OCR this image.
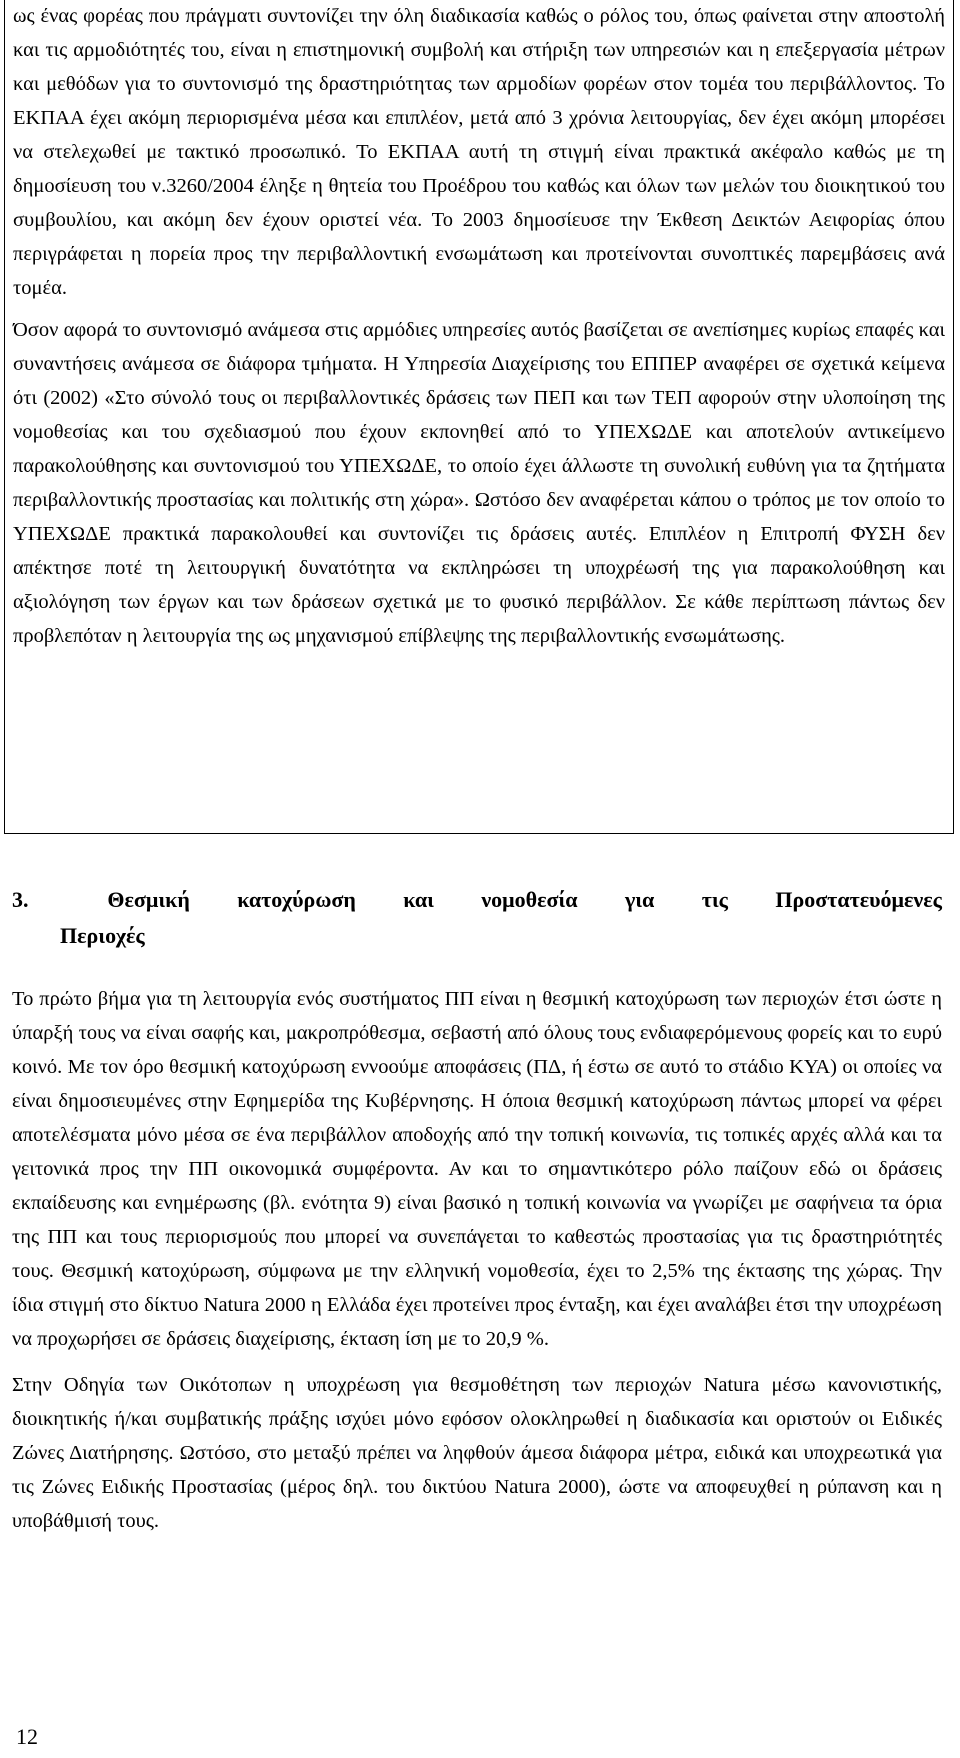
ως ένας φορέας που πράγματι συντονίζει την όλη διαδικασία καθώς ο ρόλος του, όπως φαίνεται στην αποστολή και τις αρμοδιότητές του, είναι η επιστημονική συμβολή και στήριξη των υπηρεσιών και η επεξεργασία μέτρων και μεθόδων για το συντονισμό της δραστηριότητας των αρμοδίων φορέων στον τομέα του περιβάλλοντος. Το ΕΚΠΑΑ έχει ακόμη περιορισμένα μέσα και επιπλέον, μετά από 3 χρόνια λειτουργίας, δεν έχει ακόμη μπορέσει να στελεχωθεί με τακτικό προσωπικό. Το ΕΚΠΑΑ αυτή τη στιγμή είναι πρακτικά ακέφαλο καθώς με τη δημοσίευση του ν.3260/2004 έληξε η θητεία του Προέδρου του καθώς και όλων των μελών του διοικητικού του συμβουλίου, και ακόμη δεν έχουν οριστεί νέα. Το 2003 δημοσίευσε την Έκθεση Δεικτών Αειφορίας όπου περιγράφεται η πορεία προς την περιβαλλοντική ενσωμάτωση και προτείνονται συνοπτικές παρεμβάσεις ανά τομέα.

Όσον αφορά το συντονισμό ανάμεσα στις αρμόδιες υπηρεσίες αυτός βασίζεται σε ανεπίσημες κυρίως επαφές και συναντήσεις ανάμεσα σε διάφορα τμήματα. Η Υπηρεσία Διαχείρισης του ΕΠΠΕΡ αναφέρει σε σχετικά κείμενα ότι (2002) «Στο σύνολό τους οι περιβαλλοντικές δράσεις των ΠΕΠ και των ΤΕΠ αφορούν στην υλοποίηση της νομοθεσίας και του σχεδιασμού που έχουν εκπονηθεί από το ΥΠΕΧΩΔΕ και αποτελούν αντικείμενο παρακολούθησης και συντονισμού του ΥΠΕΧΩΔΕ, το οποίο έχει άλλωστε τη συνολική ευθύνη για τα ζητήματα περιβαλλοντικής προστασίας και πολιτικής στη χώρα». Ωστόσο δεν αναφέρεται κάπου ο τρόπος με τον οποίο το ΥΠΕΧΩΔΕ πρακτικά παρακολουθεί και συντονίζει τις δράσεις αυτές. Επιπλέον η Επιτροπή ΦΥΣΗ δεν απέκτησε ποτέ τη λειτουργική δυνατότητα να εκπληρώσει τη υποχρέωσή της για παρακολούθηση και αξιολόγηση των έργων και των δράσεων σχετικά με το φυσικό περιβάλλον. Σε κάθε περίπτωση πάντως δεν προβλεπόταν η λειτουργία της ως μηχανισμού επίβλεψης της περιβαλλοντικής ενσωμάτωσης.

3.	Θεσμική κατοχύρωση και νομοθεσία για τις Προστατευόμενες
Περιοχές

Το πρώτο βήμα για τη λειτουργία ενός συστήματος ΠΠ είναι η θεσμική κατοχύρωση των περιοχών έτσι ώστε η ύπαρξή τους να είναι σαφής και, μακροπρόθεσμα, σεβαστή από όλους τους ενδιαφερόμενους φορείς και το ευρύ κοινό. Με τον όρο θεσμική κατοχύρωση εννοούμε αποφάσεις (ΠΔ, ή έστω σε αυτό το στάδιο ΚΥΑ) οι οποίες να είναι δημοσιευμένες στην Εφημερίδα της Κυβέρνησης. Η όποια θεσμική κατοχύρωση πάντως μπορεί να φέρει αποτελέσματα μόνο μέσα σε ένα περιβάλλον αποδοχής από την τοπική κοινωνία, τις τοπικές αρχές αλλά και τα γειτονικά προς την ΠΠ οικονομικά συμφέροντα. Αν και το σημαντικότερο ρόλο παίζουν εδώ οι δράσεις εκπαίδευσης και ενημέρωσης (βλ. ενότητα 9) είναι βασικό η τοπική κοινωνία να γνωρίζει με σαφήνεια τα όρια της ΠΠ και τους περιορισμούς που μπορεί να συνεπάγεται το καθεστώς προστασίας για τις δραστηριότητές τους. Θεσμική κατοχύρωση, σύμφωνα με την ελληνική νομοθεσία, έχει το 2,5% της έκτασης της χώρας. Την ίδια στιγμή στο δίκτυο Natura 2000 η Ελλάδα έχει προτείνει προς ένταξη, και έχει αναλάβει έτσι την υποχρέωση να προχωρήσει σε δράσεις διαχείρισης, έκταση ίση με το 20,9 %.

Στην Οδηγία των Οικότοπων η υποχρέωση για θεσμοθέτηση των περιοχών Natura μέσω κανονιστικής, διοικητικής ή/και συμβατικής πράξης ισχύει μόνο εφόσον ολοκληρωθεί η διαδικασία και οριστούν οι Ειδικές Ζώνες Διατήρησης. Ωστόσο, στο μεταξύ πρέπει να ληφθούν άμεσα διάφορα μέτρα, ειδικά και υποχρεωτικά για τις Ζώνες Ειδικής Προστασίας (μέρος δηλ. του δικτύου Natura 2000), ώστε να αποφευχθεί η ρύπανση και η υποβάθμισή τους.

12
